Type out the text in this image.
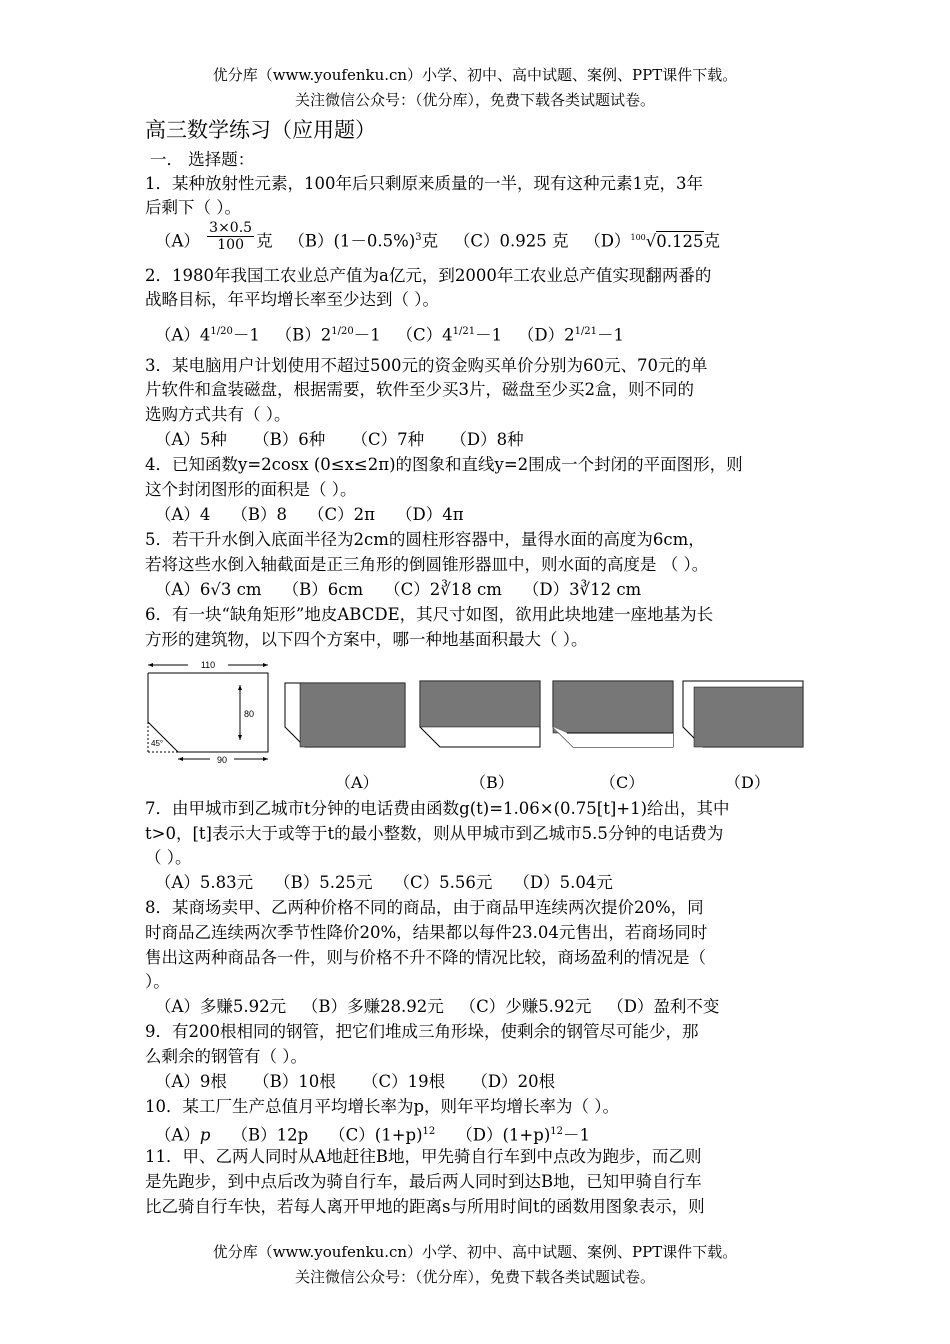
优分库（www.youfenku.cn）小学、初中、高中试题、案例、PPT课件下载。
关注微信公众号：（优分库），免费下载各类试题试卷。
高三数学练习（应用题）
一． 选择题：
1．某种放射性元素，100年后只剩原来质量的一半，现有这种元素1克，3年
后剩下（ ）。
$(A) \frac{3\times 0.5}{100}$ 克 $(B)(1-0.5\%)^3$克 （C）0.925 克 $(D)^{100}√0.125$克
2．1980年我国工农业总产值为a亿元，到2000年工农业总产值实现翻两番的
战略目标，年平均增长率至少达到（ ）。
$(A)4^{1/20}-1$ $(B)2^{1/20}-1$ $(C)4^{1/21}-1$ $(D)2^{1/21}-1$
3．某电脑用户计划使用不超过500元的资金购买单价分别为60元、70元的单
片软件和盒装磁盘，根据需要，软件至少买3片，磁盘至少买2盒，则不同的
选购方式共有（ ）。
（A）5种 （B）6种 （C）7种 （D）8种
4．已知函数y=2cosx (0≤x≤2π)的图象和直线y=2围成一个封闭的平面图形，则
这个封闭图形的面积是（ ）。
（A）4 （B）8 （C）2π （D）4π
5．若干升水倒入底面半径为2cm的圆柱形容器中，量得水面的高度为6cm，
若将这些水倒入轴截面是正三角形的倒圆锥形器皿中，则水面的高度是 （ ）。
（A）6√3 cm （B）6cm （C）2∛18 cm （D）3∛12 cm
6．有一块“缺角矩形”地皮ABCDE，其尺寸如图，欲用此块地建一座地基为长
方形的建筑物，以下四个方案中，哪一种地基面积最大（ ）。
110
80
45°
90
（A）	（B）	（C）	（D）
7．由甲城市到乙城市t分钟的电话费由函数g(t)=1.06×(0.75[t]+1)给出，其中
t>0，[t]表示大于或等于t的最小整数，则从甲城市到乙城市5.5分钟的电话费为
（ ）。
（A）5.83元 （B）5.25元 （C）5.56元 （D）5.04元
8．某商场卖甲、乙两种价格不同的商品，由于商品甲连续两次提价20%，同
时商品乙连续两次季节性降价20%，结果都以每件23.04元售出，若商场同时
售出这两种商品各一件，则与价格不升不降的情况比较，商场盈利的情况是（
）。
（A）多赚5.92元 （B）多赚28.92元 （C）少赚5.92元 （D）盈利不变
9．有200根相同的钢管，把它们堆成三角形垛，使剩余的钢管尽可能少，那
么剩余的钢管有（ ）。
（A）9根 （B）10根 （C）19根 （D）20根
10．某工厂生产总值月平均增长率为p，则年平均增长率为（ ）。
（A）p （B）12p $(C)(1+p)^{12}$ $(D)(1+p)^{12}-1$
11．甲、乙两人同时从A地赶往B地，甲先骑自行车到中点改为跑步，而乙则
是先跑步，到中点后改为骑自行车，最后两人同时到达B地，已知甲骑自行车
比乙骑自行车快，若每人离开甲地的距离s与所用时间t的函数用图象表示，则
优分库（www.youfenku.cn）小学、初中、高中试题、案例、PPT课件下载。
关注微信公众号：（优分库），免费下载各类试题试卷。
